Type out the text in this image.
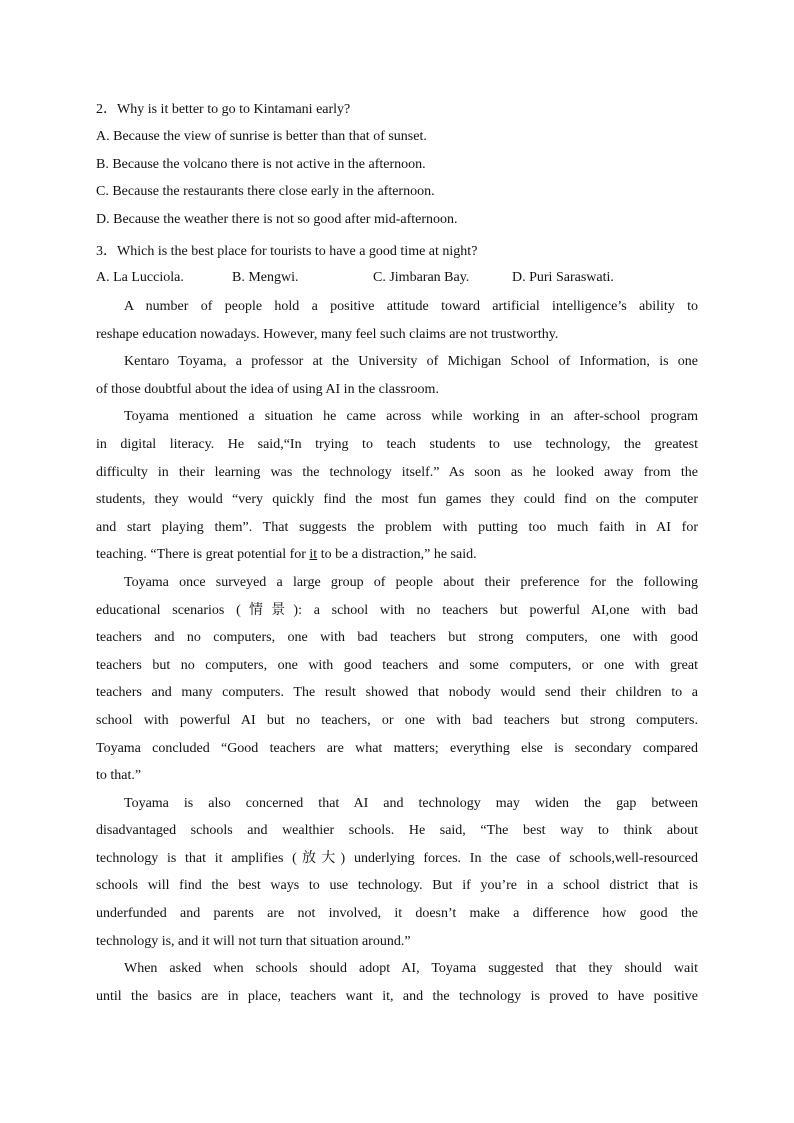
2．Why is it better to go to Kintamani early?
A. Because the view of sunrise is better than that of sunset.
B. Because the volcano there is not active in the afternoon.
C. Because the restaurants there close early in the afternoon.
D. Because the weather there is not so good after mid-afternoon.
3．Which is the best place for tourists to have a good time at night?
A. La Lucciola.	B. Mengwi.	C. Jimbaran Bay.	D. Puri Saraswati.
A number of people hold a positive attitude toward artificial intelligence’s ability to
reshape education nowadays. However, many feel such claims are not trustworthy.
Kentaro Toyama, a professor at the University of Michigan School of Information, is one
of those doubtful about the idea of using AI in the classroom.
Toyama mentioned a situation he came across while working in an after-school program
in digital literacy. He said,“In trying to teach students to use technology, the greatest
difficulty in their learning was the technology itself.” As soon as he looked away from the
students, they would “very quickly find the most fun games they could find on the computer
and start playing them”. That suggests the problem with putting too much faith in AI for
teaching. “There is great potential for it to be a distraction,” he said.
Toyama once surveyed a large group of people about their preference for the following
educational scenarios (情景): a school with no teachers but powerful AI,one with bad
teachers and no computers, one with bad teachers but strong computers, one with good
teachers but no computers, one with good teachers and some computers, or one with great
teachers and many computers. The result showed that nobody would send their children to a
school with powerful AI but no teachers, or one with bad teachers but strong computers.
Toyama concluded “Good teachers are what matters; everything else is secondary compared
to that.”
Toyama is also concerned that AI and technology may widen the gap between
disadvantaged schools and wealthier schools. He said, “The best way to think about
technology is that it amplifies (放大) underlying forces. In the case of schools,well-resourced
schools will find the best ways to use technology. But if you’re in a school district that is
underfunded and parents are not involved, it doesn’t make a difference how good the
technology is, and it will not turn that situation around.”
When asked when schools should adopt AI, Toyama suggested that they should wait
until the basics are in place, teachers want it, and the technology is proved to have positive
